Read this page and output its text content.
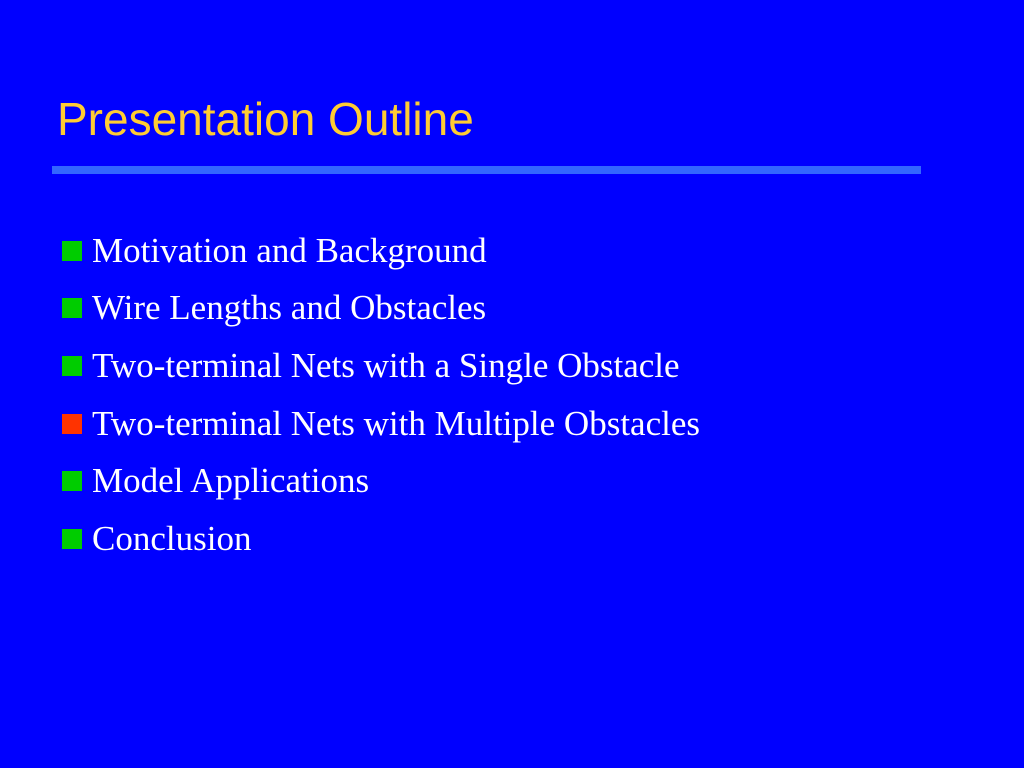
Presentation Outline
Motivation and Background
Wire Lengths and Obstacles
Two-terminal Nets with a Single Obstacle
Two-terminal Nets with Multiple Obstacles
Model Applications
Conclusion
